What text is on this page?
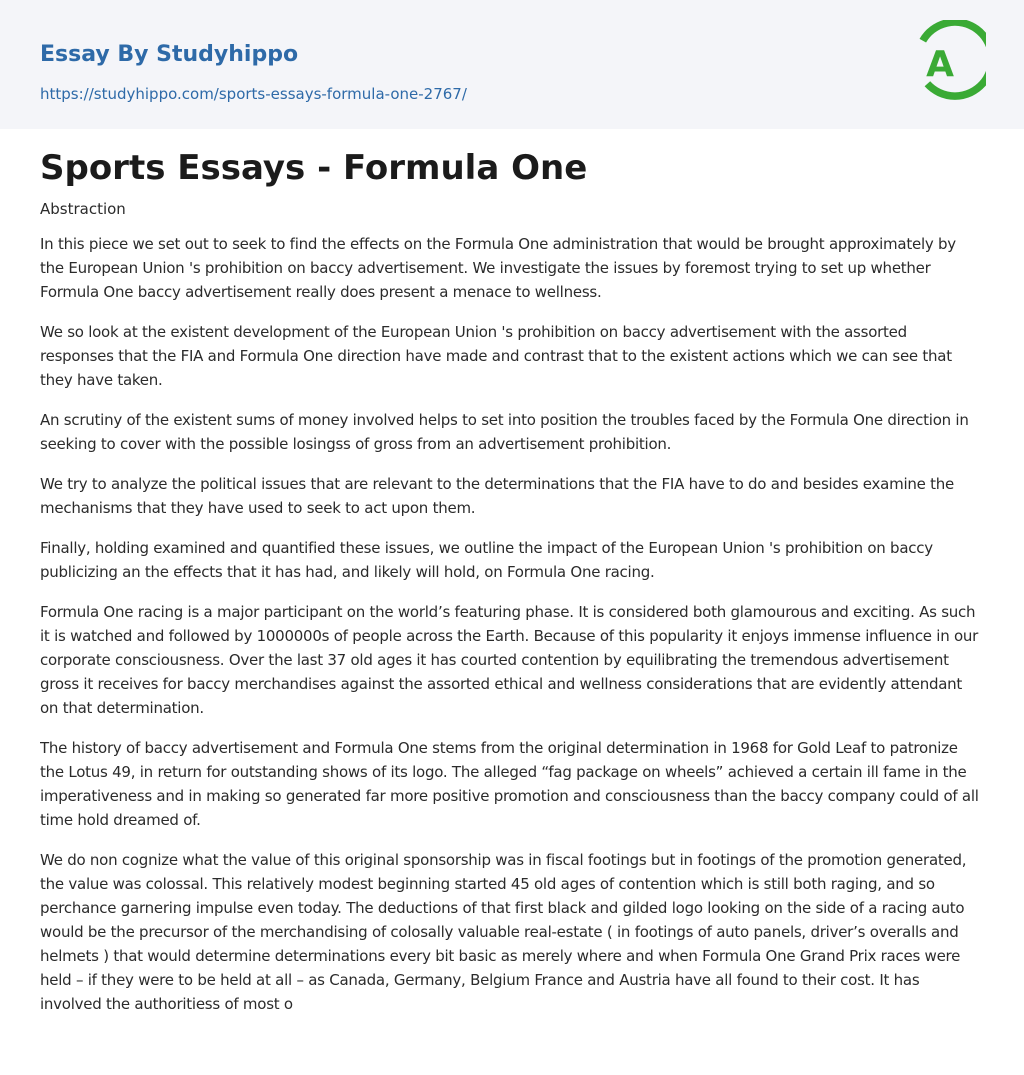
Essay By Studyhippo
https://studyhippo.com/sports-essays-formula-one-2767/
A
Sports Essays - Formula One
Abstraction

In this piece we set out to seek to find the effects on the Formula One administration that would be brought approximately by the European Union 's prohibition on baccy advertisement. We investigate the issues by foremost trying to set up whether Formula One baccy advertisement really does present a menace to wellness.

We so look at the existent development of the European Union 's prohibition on baccy advertisement with the assorted responses that the FIA and Formula One direction have made and contrast that to the existent actions which we can see that they have taken.

An scrutiny of the existent sums of money involved helps to set into position the troubles faced by the Formula One direction in seeking to cover with the possible losingss of gross from an advertisement prohibition.

We try to analyze the political issues that are relevant to the determinations that the FIA have to do and besides examine the mechanisms that they have used to seek to act upon them.

Finally, holding examined and quantified these issues, we outline the impact of the European Union 's prohibition on baccy publicizing an the effects that it has had, and likely will hold, on Formula One racing.

Formula One racing is a major participant on the world’s featuring phase. It is considered both glamourous and exciting. As such it is watched and followed by 1000000s of people across the Earth. Because of this popularity it enjoys immense influence in our corporate consciousness. Over the last 37 old ages it has courted contention by equilibrating the tremendous advertisement gross it receives for baccy merchandises against the assorted ethical and wellness considerations that are evidently attendant on that determination.

The history of baccy advertisement and Formula One stems from the original determination in 1968 for Gold Leaf to patronize the Lotus 49, in return for outstanding shows of its logo. The alleged “fag package on wheels” achieved a certain ill fame in the imperativeness and in making so generated far more positive promotion and consciousness than the baccy company could of all time hold dreamed of.

We do non cognize what the value of this original sponsorship was in fiscal footings but in footings of the promotion generated, the value was colossal. This relatively modest beginning started 45 old ages of contention which is still both raging, and so perchance garnering impulse even today. The deductions of that first black and gilded logo looking on the side of a racing auto would be the precursor of the merchandising of colosally valuable real-estate ( in footings of auto panels, driver’s overalls and helmets ) that would determine determinations every bit basic as merely where and when Formula One Grand Prix races were held – if they were to be held at all – as Canada, Germany, Belgium France and Austria have all found to their cost. It has involved the authoritiess of most o
